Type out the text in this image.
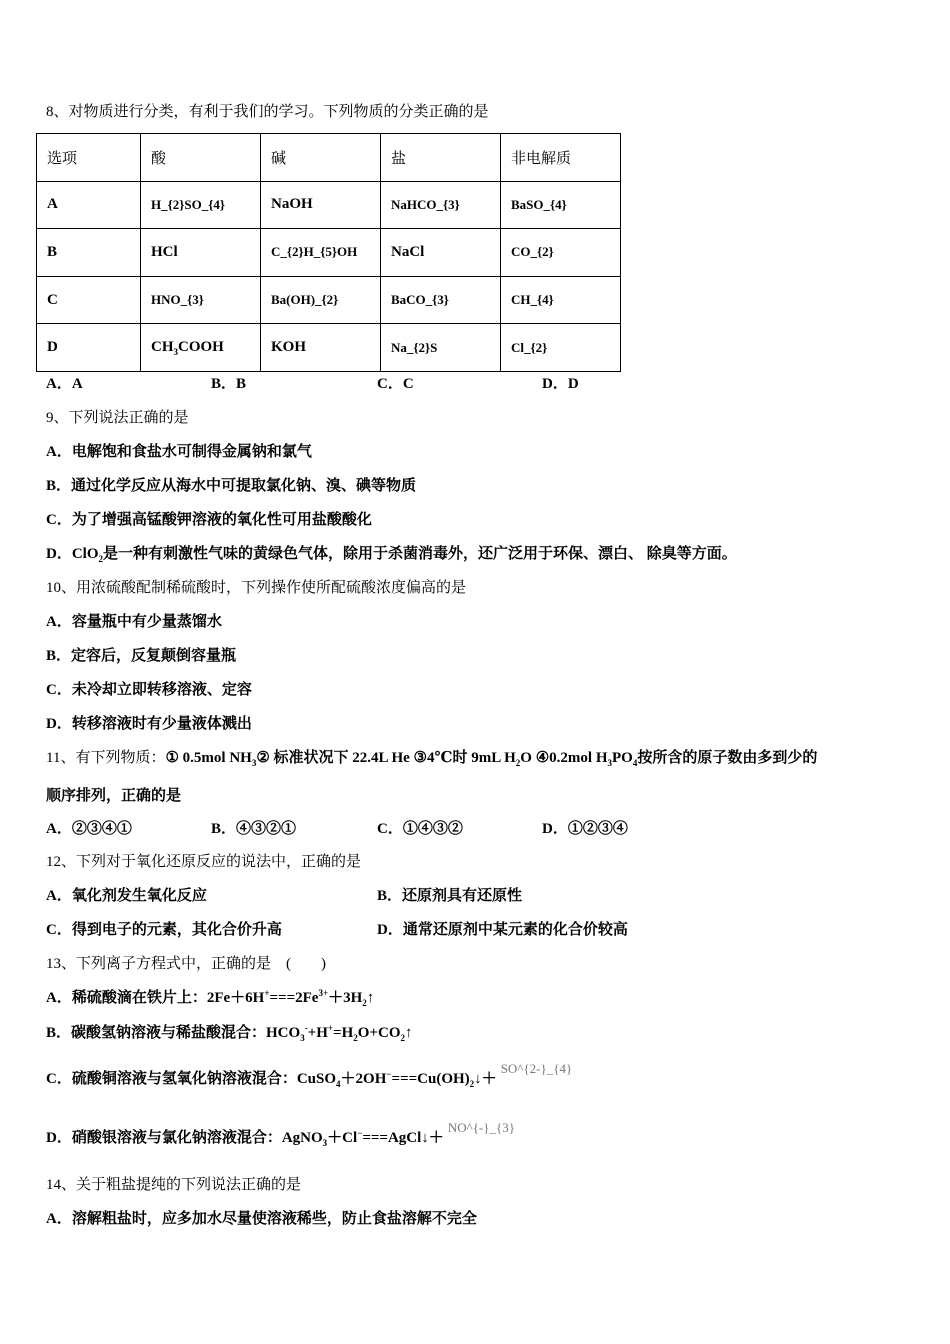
8、对物质进行分类，有利于我们的学习。下列物质的分类正确的是
选项	酸	碱	盐	非电解质
A	H_{2}SO_{4}	NaOH	NaHCO_{3}	BaSO_{4}
B	HCl	C_{2}H_{5}OH	NaCl	CO_{2}
C	HNO_{3}	Ba(OH)_{2}	BaCO_{3}	CH_{4}
D	$CH_3COOH$	KOH	Na_{2}S	Cl_{2}
A．A	B．B	C．C	D．D
9、下列说法正确的是
A．电解饱和食盐水可制得金属钠和氯气
B．通过化学反应从海水中可提取氯化钠、溴、碘等物质
C．为了增强高锰酸钾溶液的氧化性可用盐酸酸化
D．ClO$_2$是一种有刺激性气味的黄绿色气体，除用于杀菌消毒外，还广泛用于环保、漂白、 除臭等方面。
10、用浓硫酸配制稀硫酸时，下列操作使所配硫酸浓度偏高的是
A．容量瓶中有少量蒸馏水
B．定容后，反复颠倒容量瓶
C．未冷却立即转移溶液、定容
D．转移溶液时有少量液体溅出
11、有下列物质：① 0.5mol $NH_3②$ 标准状况下 22.4L He ③4℃时 9mL $H_2O$ ④0.2mol $H_3PO_4$按所含的原子数由多到少的
顺序排列，正确的是
A．②③④①	B．④③②①	C．①④③②	D．①②③④
12、下列对于氧化还原反应的说法中，正确的是
A．氧化剂发生氧化反应	B．还原剂具有还原性
C．得到电子的元素，其化合价升高	D．通常还原剂中某元素的化合价较高
13、下列离子方程式中，正确的是　(　　)
A．稀硫酸滴在铁片上：$2Fe+6H^+===2Fe^{3+}+3H_2↑$
B．碳酸氢钠溶液与稀盐酸混合：$HCO_3^-+H^+=H_2O+CO_2↑$
C．硫酸铜溶液与氢氧化钠溶液混合：$CuSO_4+2OH^-===Cu(OH)_2↓+SO\^{}\{2-\}\_\{4\}$
D．硝酸银溶液与氯化钠溶液混合：AgNO$_3$＋Cl−===AgCl↓＋NO^{-}_{3}
14、关于粗盐提纯的下列说法正确的是
A．溶解粗盐时，应多加水尽量使溶液稀些，防止食盐溶解不完全
